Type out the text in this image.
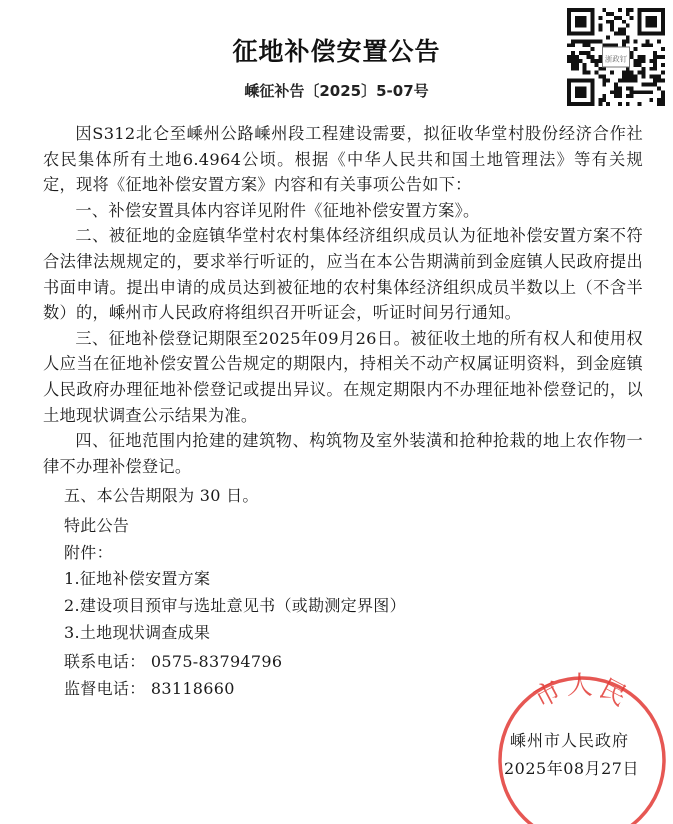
浙政钉
征地补偿安置公告
嵊征补告〔2025〕5-07号

因S312北仑至嵊州公路嵊州段工程建设需要，拟征收华堂村股份经济合作社农民集体所有土地6.4964公顷。根据《中华人民共和国土地管理法》等有关规定，现将《征地补偿安置方案》内容和有关事项公告如下：

一、补偿安置具体内容详见附件《征地补偿安置方案》。

二、被征地的金庭镇华堂村农村集体经济组织成员认为征地补偿安置方案不符合法律法规规定的，要求举行听证的，应当在本公告期满前到金庭镇人民政府提出书面申请。提出申请的成员达到被征地的农村集体经济组织成员半数以上（不含半数）的，嵊州市人民政府将组织召开听证会，听证时间另行通知。

三、征地补偿登记期限至2025年09月26日。被征收土地的所有权人和使用权人应当在征地补偿安置公告规定的期限内，持相关不动产权属证明资料，到金庭镇人民政府办理征地补偿登记或提出异议。在规定期限内不办理征地补偿登记的，以土地现状调查公示结果为准。

四、征地范围内抢建的建筑物、构筑物及室外装潢和抢种抢栽的地上农作物一律不办理补偿登记。

五、本公告期限为 30 日。
特此公告
附件：
1.征地补偿安置方案
2.建设项目预审与选址意见书（或勘测定界图）
3.土地现状调查成果
联系电话： 0575-83794796
监督电话： 83118660	市人民
嵊州市人民政府
2025年08月27日
